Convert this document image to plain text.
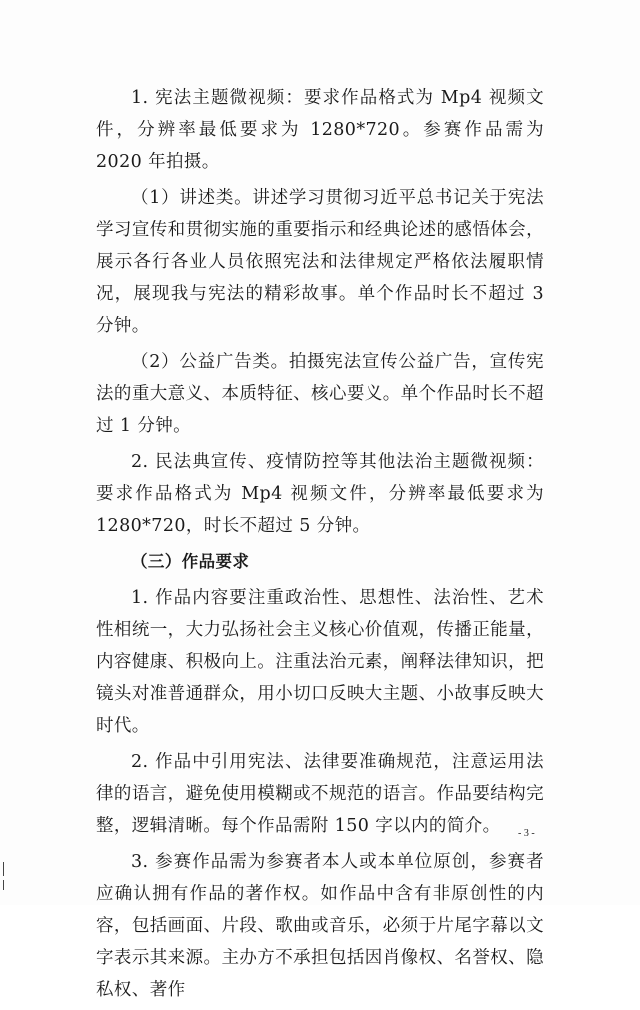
1. 宪法主题微视频：要求作品格式为 Mp4 视频文件，分辨率最低要求为 1280*720。参赛作品需为 2020 年拍摄。

（1）讲述类。讲述学习贯彻习近平总书记关于宪法学习宣传和贯彻实施的重要指示和经典论述的感悟体会，展示各行各业人员依照宪法和法律规定严格依法履职情况，展现我与宪法的精彩故事。单个作品时长不超过 3 分钟。

（2）公益广告类。拍摄宪法宣传公益广告，宣传宪法的重大意义、本质特征、核心要义。单个作品时长不超过 1 分钟。

2. 民法典宣传、疫情防控等其他法治主题微视频：要求作品格式为 Mp4 视频文件，分辨率最低要求为 1280*720，时长不超过 5 分钟。

（三）作品要求

1. 作品内容要注重政治性、思想性、法治性、艺术性相统一，大力弘扬社会主义核心价值观，传播正能量，内容健康、积极向上。注重法治元素，阐释法律知识，把镜头对准普通群众，用小切口反映大主题、小故事反映大时代。

2. 作品中引用宪法、法律要准确规范，注意运用法律的语言，避免使用模糊或不规范的语言。作品要结构完整，逻辑清晰。每个作品需附 150 字以内的简介。

3. 参赛作品需为参赛者本人或本单位原创，参赛者应确认拥有作品的著作权。如作品中含有非原创性的内容，包括画面、片段、歌曲或音乐，必须于片尾字幕以文字表示其来源。主办方不承担包括因肖像权、名誉权、隐私权、著作

- 3 -
